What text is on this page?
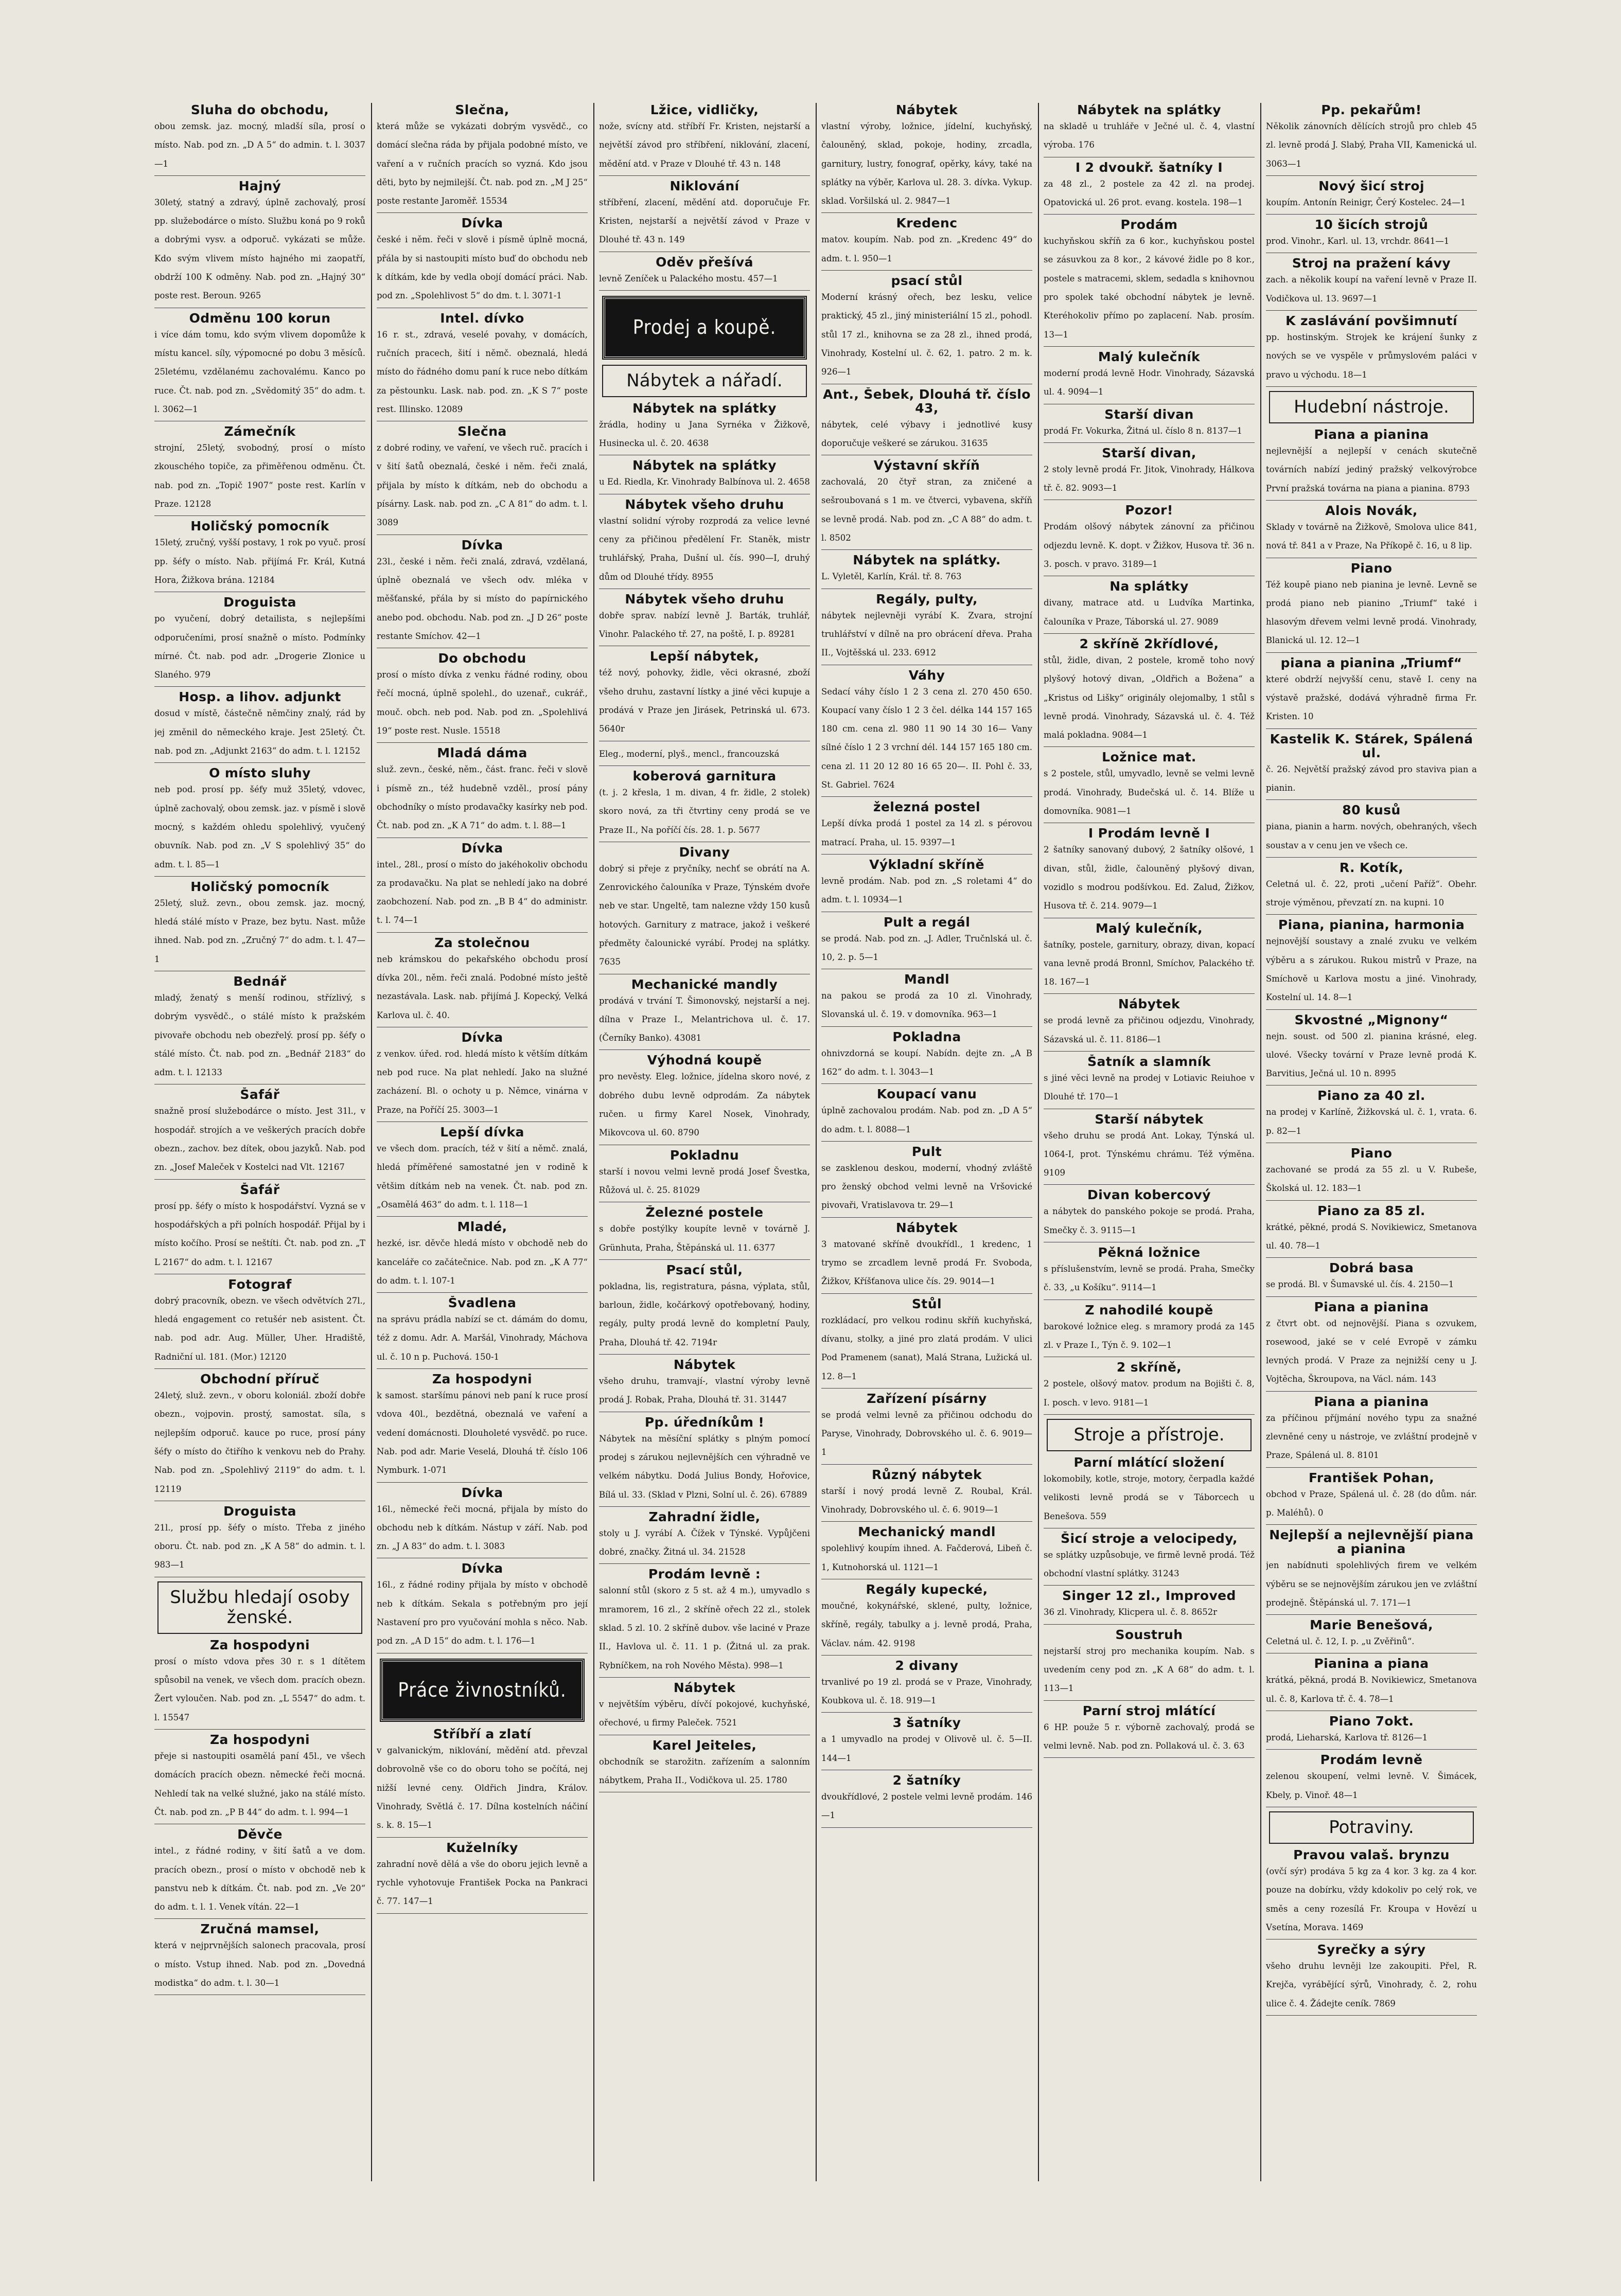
Sluha do obchodu,

obou zemsk. jaz. mocný, mladší síla, prosí o místo. Nab. pod zn. „D A 5“ do admin. t. l. 3037—1

Hajný

30letý, statný a zdravý, úplně zachovalý, prosí pp. služebodárce o místo. Službu koná po 9 roků a dobrými vysv. a odporuč. vykázati se může. Kdo svým vlivem místo hajného mi zaopatří, obdrží 100 K odměny. Nab. pod zn. „Hajný 30“ poste rest. Beroun. 9265

Odměnu 100 korun

i více dám tomu, kdo svým vlivem dopomůže k místu kancel. síly, výpomocné po dobu 3 měsíců. 25letému, vzdělanému zachovalému. Kanco po ruce. Čt. nab. pod zn. „Svědomitý 35“ do adm. t. l. 3062—1

Zámečník

strojní, 25letý, svobodný, prosí o místo zkouschého topiče, za přiměřenou odměnu. Čt. nab. pod zn. „Topič 1907“ poste rest. Karlín v Praze. 12128

Holičský pomocník

15letý, zručný, vyšší postavy, 1 rok po vyuč. prosí pp. šéfy o místo. Nab. přijímá Fr. Král, Kutná Hora, Žižkova brána. 12184

Droguista

po vyučení, dobrý detailista, s nejlepšími odporučeními, prosí snažně o místo. Podmínky mírné. Čt. nab. pod adr. „Drogerie Zlonice u Slaného. 979

Hosp. a lihov. adjunkt

dosud v místě, částečně němčiny znalý, rád by jej změnil do německého kraje. Jest 25letý. Čt. nab. pod zn. „Adjunkt 2163“ do adm. t. l. 12152

O místo sluhy

neb pod. prosí pp. šéfy muž 35letý, vdovec, úplně zachovalý, obou zemsk. jaz. v písmě i slově mocný, s každém ohledu spolehlivý, vyučený obuvník. Nab. pod zn. „V S spolehlivý 35“ do adm. t. l. 85—1

Holičský pomocník

25letý, služ. zevn., obou zemsk. jaz. mocný, hledá stálé místo v Praze, bez bytu. Nast. může ihned. Nab. pod zn. „Zručný 7“ do adm. t. l. 47—1

Bednář

mladý, ženatý s menší rodinou, střízlivý, s dobrým vysvědč., o stálé místo k pražském pivovaře obchodu neb obezřelý. prosí pp. šéfy o stálé místo. Čt. nab. pod zn. „Bednář 2183“ do adm. t. l. 12133

Šafář

snažně prosí služebodárce o místo. Jest 31l., v hospodář. strojích a ve veškerých pracích dobře obezn., zachov. bez dítek, obou jazyků. Nab. pod zn. „Josef Maleček v Kostelci nad Vlt. 12167

Šafář

prosí pp. šéfy o místo k hospodářství. Vyzná se v hospodářských a při polních hospodář. Přijal by i místo kočího. Prosí se neštíti. Čt. nab. pod zn. „T L 2167“ do adm. t. l. 12167

Fotograf

dobrý pracovník, obezn. ve všech odvětvích 27l., hledá engagement co retušér neb asistent. Čt. nab. pod adr. Aug. Müller, Uher. Hradiště, Radniční ul. 181. (Mor.) 12120

Obchodní příruč

24letý, služ. zevn., v oboru koloniál. zboží dobře obezn., vojpovin. prostý, samostat. síla, s nejlepším odporuč. kauce po ruce, prosí pány šéfy o místo do čtiřího k venkovu neb do Prahy. Nab. pod zn. „Spolehlivý 2119“ do adm. t. l. 12119

Droguista

21l., prosí pp. šéfy o místo. Třeba z jiného oboru. Čt. nab. pod zn. „K A 58“ do admin. t. l. 983—1

Službu hledají osoby ženské.
Za hospodyni

prosí o místo vdova přes 30 r. s 1 dítětem spůsobil na venek, ve všech dom. pracích obezn. Žert vyloučen. Nab. pod zn. „L 5547“ do adm. t. l. 15547

Za hospodyni

přeje si nastoupiti osamělá paní 45l., ve všech domácích pracích obezn. německé řeči mocná. Nehledí tak na velké služné, jako na stálé místo. Čt. nab. pod zn. „P B 44“ do adm. t. l. 994—1

Děvče

intel., z řádné rodiny, v šití šatů a ve dom. pracích obezn., prosí o místo v obchodě neb k panstvu neb k dítkám. Čt. nab. pod zn. „Ve 20“ do adm. t. l. 1. Venek vítán. 22—1

Zručná mamsel,

která v nejprvnějších salonech pracovala, prosí o místo. Vstup ihned. Nab. pod zn. „Dovedná modistka“ do adm. t. l. 30—1

Slečna,

která může se vykázati dobrým vysvědč., co domácí slečna ráda by přijala podobné místo, ve vaření a v ručních pracích so vyzná. Kdo jsou děti, byto by nejmilejší. Čt. nab. pod zn. „M J 25“ poste restante Jaroměř. 15534

Dívka

české i něm. řeči v slově i písmě úplně mocná, přála by si nastoupiti místo buď do obchodu neb k dítkám, kde by vedla obojí domácí práci. Nab. pod zn. „Spolehlivost 5“ do dm. t. l. 3071-1

Intel. dívko

16 r. st., zdravá, veselé povahy, v domácích, ručních pracech, šití i němč. obeznalá, hledá místo do řádného domu paní k ruce nebo dítkám za pěstounku. Lask. nab. pod. zn. „K S 7“ poste rest. Illinsko. 12089

Slečna

z dobré rodiny, ve vaření, ve všech ruč. pracích i v šití šatů obeznalá, české i něm. řeči znalá, přijala by místo k dítkám, neb do obchodu a písárny. Lask. nab. pod zn. „C A 81“ do adm. t. l. 3089

Dívka

23l., české i něm. řeči znalá, zdravá, vzdělaná, úplně obeznalá ve všech odv. mléka v měšťanské, přála by si místo do papírnického anebo pod. obchodu. Nab. pod zn. „J D 26“ poste restante Smíchov. 42—1

Do obchodu

prosí o místo dívka z venku řádné rodiny, obou řečí mocná, úplně spolehl., do uzenař., cukrář., mouč. obch. neb pod. Nab. pod zn. „Spolehlivá 19“ poste rest. Nusle. 15518

Mladá dáma

služ. zevn., české, něm., část. franc. řeči v slově i písmě zn., též hudebně vzděl., prosí pány obchodníky o místo prodavačky kasírky neb pod. Čt. nab. pod zn. „K A 71“ do adm. t. l. 88—1

Dívka

intel., 28l., prosí o místo do jakéhokoliv obchodu za prodavačku. Na plat se nehledí jako na dobré zaobchození. Nab. pod zn. „B B 4“ do administr. t. l. 74—1

Za stolečnou

neb krámskou do pekařského obchodu prosí dívka 20l., něm. řeči znalá. Podobné místo ještě nezastávala. Lask. nab. přijímá J. Kopecký, Velká Karlova ul. č. 40.

Dívka

z venkov. úřed. rod. hledá místo k větším dítkám neb pod ruce. Na plat nehledí. Jako na služné zacházení. Bl. o ochoty u p. Němce, vinárna v Praze, na Poříčí 25. 3003—1

Lepší dívka

ve všech dom. pracích, též v šití a němč. znalá, hledá příměřené samostatné jen v rodině k většim dítkám neb na venek. Čt. nab. pod zn. „Osamělá 463“ do adm. t. l. 118—1

Mladé,

hezké, isr. děvče hledá místo v obchodě neb do kanceláře co začátečnice. Nab. pod zn. „K A 77“ do adm. t. l. 107-1

Švadlena

na správu prádla nabízí se ct. dámám do domu, též z domu. Adr. A. Maršál, Vinohrady, Máchova ul. č. 10 n p. Puchová. 150-1

Za hospodyni

k samost. staršímu pánovi neb paní k ruce prosí vdova 40l., bezdětná, obeznalá ve vaření a vedení domácnosti. Dlouholeté vysvědč. po ruce. Nab. pod adr. Marie Veselá, Dlouhá tř. číslo 106 Nymburk. 1-071

Dívka

16l., německé řeči mocná, přijala by místo do obchodu neb k dítkám. Nástup v září. Nab. pod zn. „J A 83“ do adm. t. l. 3083

Dívka

16l., z řádné rodiny přijala by místo v obchodě neb k dítkám. Sekala s potřebným pro její Nastavení pro pro vyučování mohla s něco. Nab. pod zn. „A D 15“ do adm. t. l. 176—1

Práce živnostníků.
Stříbří a zlatí

v galvanickým, niklování, mědění atd. převzal dobrovolně vše co do oboru toho se počítá, nej nižší levné ceny. Oldřich Jindra, Králov. Vinohrady, Světlá č. 17. Dílna kostelních náčiní s. k. 8. 15—1

Kuželníky

zahradní nově dělá a vše do oboru jejich levně a rychle vyhotovuje František Pocka na Pankraci č. 77. 147—1

Lžice, vidličky,

nože, svícny atd. stříbří Fr. Kristen, nejstarší a největší závod pro stříbření, niklování, zlacení, mědění atd. v Praze v Dlouhé tř. 43 n. 148

Niklování

stříbření, zlacení, mědění atd. doporučuje Fr. Kristen, nejstarší a největší závod v Praze v Dlouhé tř. 43 n. 149

Oděv přešívá

levně Zeníček u Palackého mostu. 457—1

Prodej a koupě.
Nábytek a nářadí.
Nábytek na splátky

žrádla, hodiny u Jana Syrnéka v Žižkově, Husinecka ul. č. 20. 4638

Nábytek na splátky

u Ed. Riedla, Kr. Vinohrady Balbínova ul. 2. 4658

Nábytek všeho druhu

vlastní solidní výroby rozprodá za velice levné ceny za přičinou předělení Fr. Staněk, mistr truhlářský, Praha, Dušní ul. čís. 990—I, druhý dům od Dlouhé třídy. 8955

Nábytek všeho druhu

dobře sprav. nabízí levně J. Barták, truhlář, Vinohr. Palackého tř. 27, na poště, I. p. 89281

Lepší nábytek,

též nový, pohovky, židle, věci okrasné, zboží všeho druhu, zastavní lístky a jiné věci kupuje a prodává v Praze jen Jirásek, Petrinská ul. 673. 5640r

Eleg., moderní, plyš., mencl., francouzská

koberová garnitura

(t. j. 2 křesla, 1 m. divan, 4 fr. židle, 2 stolek) skoro nová, za tři čtvrtiny ceny prodá se ve Praze II., Na poříčí čís. 28. 1. p. 5677

Divany

dobrý si přeje z pryčníky, nechť se obrátí na A. Zenrovického čalouníka v Praze, Týnském dvoře neb ve star. Ungeltě, tam nalezne vždy 150 kusů hotových. Garnitury z matrace, jakož i veškeré předměty čalounické vyrábí. Prodej na splátky. 7635

Mechanické mandly

prodává v trvání T. Šimonovský, nejstarší a nej. dílna v Praze I., Melantrichova ul. č. 17. (Černíky Banko). 43081

Výhodná koupě

pro nevěsty. Eleg. ložnice, jídelna skoro nové, z dobrého dubu levně odprodám. Za nábytek ručen. u firmy Karel Nosek, Vinohrady, Mikovcova ul. 60. 8790

Pokladnu

starší i novou velmi levně prodá Josef Švestka, Růžová ul. č. 25. 81029

Železné postele

s dobře postýlky koupíte levně v továrně J. Grünhuta, Praha, Štěpánská ul. 11. 6377

Psací stůl,

pokladna, lis, registratura, pásna, výplata, stůl, barloun, židle, kočárkový opotřebovaný, hodiny, regály, pulty prodá levně do kompletní Pauly, Praha, Dlouhá tř. 42. 7194r

Nábytek

všeho druhu, tramvají-, vlastní výroby levně prodá J. Robak, Praha, Dlouhá tř. 31. 31447

Pp. úředníkům !

Nábytek na měsíční splátky s plným pomocí prodej s zárukou nejlevnějších cen výhradně ve velkém nábytku. Dodá Julius Bondy, Hořovice, Bílá ul. 33. (Sklad v Plzni, Solní ul. č. 26). 67889

Zahradní židle,

stoly u J. vyrábí A. Čížek v Týnské. Vypůjčeni dobré, značky. Žitná ul. 34. 21528

Prodám levně :

salonní stůl (skoro z 5 st. až 4 m.), umyvadlo s mramorem, 16 zl., 2 skříně ořech 22 zl., stolek sklad. 5 zl. 10. 2 skříně dubov. vše laciné v Praze II., Havlova ul. č. 11. 1 p. (Žitná ul. za prak. Rybníčkem, na roh Nového Města). 998—1

Nábytek

v největším výběru, dívčí pokojové, kuchyňské, ořechové, u firmy Paleček. 7521

Karel Jeiteles,

obchodník se starožitn. zařízením a salonním nábytkem, Praha II., Vodičkova ul. 25. 1780

Nábytek

vlastní výroby, ložnice, jídelní, kuchyňský, čalouněný, sklad, pokoje, hodiny, zrcadla, garnitury, lustry, fonograf, opěrky, kávy, také na splátky na výběr, Karlova ul. 28. 3. dívka. Vykup. sklad. Voršilská ul. 2. 9847—1

Kredenc

matov. koupím. Nab. pod zn. „Kredenc 49“ do adm. t. l. 950—1

psací stůl

Moderní krásný ořech, bez lesku, velice praktický, 45 zl., jiný ministeriální 15 zl., pohodl. stůl 17 zl., knihovna se za 28 zl., ihned prodá, Vinohrady, Kostelní ul. č. 62, 1. patro. 2 m. k. 926—1

Ant., Šebek, Dlouhá tř. číslo 43,

nábytek, celé výbavy i jednotlivé kusy doporučuje veškeré se zárukou. 31635

Výstavní skříň

zachovalá, 20 čtyř stran, za zničené a sešroubovaná s 1 m. ve čtverci, vybavena, skříň se levně prodá. Nab. pod zn. „C A 88“ do adm. t. l. 8502

Nábytek na splátky.

L. Vyletěl, Karlín, Král. tř. 8. 763

Regály, pulty,

nábytek nejlevněji vyrábí K. Zvara, strojní truhlářství v dílně na pro obrácení dřeva. Praha II., Vojtěšská ul. 233. 6912

Váhy

Sedací váhy číslo 1 2 3 cena zl. 270 450 650. Koupací vany číslo 1 2 3 čel. délka 144 157 165 180 cm. cena zl. 980 11 90 14 30 16— Vany sílné číslo 1 2 3 vrchní dél. 144 157 165 180 cm. cena zl. 11 20 12 80 16 65 20—. II. Pohl č. 33, St. Gabriel. 7624

železná postel

Lepší dívka prodá 1 postel za 14 zl. s pérovou matrací. Praha, ul. 15. 9397—1

Výkladní skříně

levně prodám. Nab. pod zn. „S roletami 4“ do adm. t. l. 10934—1

Pult a regál

se prodá. Nab. pod zn. „J. Adler, Tručnlská ul. č. 10, 2. p. 5—1

Mandl

na pakou se prodá za 10 zl. Vinohrady, Slovanská ul. č. 19. v domovníka. 963—1

Pokladna

ohnivzdorná se koupí. Nabídn. dejte zn. „A B 162“ do adm. t. l. 3043—1

Koupací vanu

úplně zachovalou prodám. Nab. pod zn. „D A 5“ do adm. t. l. 8088—1

Pult

se zasklenou deskou, moderní, vhodný zvláště pro ženský obchod velmi levně na Vršovické pivovaři, Vratislavova tr. 29—1

Nábytek

3 matované skříně dvoukřídl., 1 kredenc, 1 trymo se zrcadlem levně prodá Fr. Svoboda, Žižkov, Kříšťanova ulice čís. 29. 9014—1

Stůl

rozkládací, pro velkou rodinu skříň kuchyňská, dívanu, stolky, a jiné pro zlatá prodám. V ulici Pod Pramenem (sanat), Malá Strana, Lužická ul. 12. 8—1

Zařízení písárny

se prodá velmi levně za přičinou odchodu do Paryse, Vinohrady, Dobrovského ul. č. 6. 9019—1

Různý nábytek

starší i nový prodá levně Z. Roubal, Král. Vinohrady, Dobrovského ul. č. 6. 9019—1

Mechanický mandl

spolehlivý koupím ihned. A. Fačderová, Libeň č. 1, Kutnohorská ul. 1121—1

Regály kupecké,

moučné, kokynářské, sklené, pulty, ložnice, skříně, regály, tabulky a j. levně prodá, Praha, Václav. nám. 42. 9198

2 divany

trvanlivé po 19 zl. prodá se v Praze, Vinohrady, Koubkova ul. č. 18. 919—1

3 šatníky

a 1 umyvadlo na prodej v Olivově ul. č. 5—II. 144—1

2 šatníky

dvoukřídlové, 2 postele velmi levně prodám. 146—1

Nábytek na splátky

na skladě u truhláře v Ječné ul. č. 4, vlastní výroba. 176

I 2 dvoukř. šatníky I

za 48 zl., 2 postele za 42 zl. na prodej. Opatovická ul. 26 prot. evang. kostela. 198—1

Prodám

kuchyňskou skříň za 6 kor., kuchyňskou postel se zásuvkou za 8 kor., 2 kávové židle po 8 kor., postele s matracemi, sklem, sedadla s knihovnou pro spolek také obchodní nábytek je levně. Kteréhokoliv přímo po zaplacení. Nab. prosím. 13—1

Malý kulečník

moderní prodá levně Hodr. Vinohrady, Sázavská ul. 4. 9094—1

Starší divan

prodá Fr. Vokurka, Žitná ul. číslo 8 n. 8137—1

Starší divan,

2 stoly levně prodá Fr. Jitok, Vinohrady, Hálkova tř. č. 82. 9093—1

Pozor!

Prodám olšový nábytek zánovní za přičinou odjezdu levně. K. dopt. v Žižkov, Husova tř. 36 n. 3. posch. v pravo. 3189—1

Na splátky

divany, matrace atd. u Ludvíka Martinka, čalouníka v Praze, Táborská ul. 27. 9089

2 skříně 2křídlové,

stůl, židle, divan, 2 postele, kromě toho nový plyšový hotový divan, „Oldřich a Božena“ a „Kristus od Lišky“ originály olejomalby, 1 stůl s levně prodá. Vinohrady, Sázavská ul. č. 4. Též malá pokladna. 9084—1

Ložnice mat.

s 2 postele, stůl, umyvadlo, levně se velmi levně prodá. Vinohrady, Budečská ul. č. 14. Blíže u domovníka. 9081—1

I Prodám levně I

2 šatníky sanovaný dubový, 2 šatníky olšové, 1 divan, stůl, židle, čalouněný plyšový divan, vozidlo s modrou podšívkou. Ed. Zalud, Žižkov, Husova tř. č. 214. 9079—1

Malý kulečník,

šatníky, postele, garnitury, obrazy, divan, kopací vana levně prodá Bronnl, Smíchov, Palackého tř. 18. 167—1

Nábytek

se prodá levně za přičinou odjezdu, Vinohrady, Sázavská ul. č. 11. 8186—1

Šatník a slamník

s jiné věci levně na prodej v Lotiavic Reiuhoe v Dlouhé tř. 170—1

Starší nábytek

všeho druhu se prodá Ant. Lokay, Týnská ul. 1064-I, prot. Týnskému chrámu. Též výměna. 9109

Divan kobercový

a nábytek do panského pokoje se prodá. Praha, Smečky č. 3. 9115—1

Pěkná ložnice

s příslušenstvím, levně se prodá. Praha, Smečky č. 33, „u Košíku“. 9114—1

Z nahodilé koupě

barokové ložnice eleg. s mramory prodá za 145 zl. v Praze I., Týn č. 9. 102—1

2 skříně,

2 postele, olšový matov. produm na Bojišti č. 8, I. posch. v levo. 9181—1

Stroje a přístroje.
Parní mlátící složení

lokomobily, kotle, stroje, motory, čerpadla každé velikosti levně prodá se v Táborcech u Benešova. 559

Šicí stroje a velocipedy,

se splátky uzpůsobuje, ve firmě levně prodá. Též obchodní vlastní splátky. 31243

Singer 12 zl., Improved

36 zl. Vinohrady, Klicpera ul. č. 8. 8652r

Soustruh

nejstarší stroj pro mechanika koupím. Nab. s uvedením ceny pod zn. „K A 68“ do adm. t. l. 113—1

Parní stroj mlátící

6 HP. použe 5 r. výborně zachovalý, prodá se velmi levně. Nab. pod zn. Pollaková ul. č. 3. 63

Pp. pekařům!

Několik zánovních dělících strojů pro chleb 45 zl. levně prodá J. Slabý, Praha VII, Kamenická ul. 3063—1

Nový šicí stroj

koupím. Antonín Reinigr, Čerý Kostelec. 24—1

10 šicích strojů

prod. Vinohr., Karl. ul. 13, vrchdr. 8641—1

Stroj na pražení kávy

zach. a několik koupí na vaření levně v Praze II. Vodičkova ul. 13. 9697—1

K zaslávání povšimnutí

pp. hostinským. Strojek ke krájení šunky z nových se ve vyspěle v průmyslovém paláci v pravo u východu. 18—1

Hudební nástroje.
Piana a pianina

nejlevnější a nejlepší v cenách skutečně továrních nabízí jediný pražský velkovýrobce První pražská továrna na piana a pianina. 8793

Alois Novák,

Sklady v továrně na Žižkově, Smolova ulice 841, nová tř. 841 a v Praze, Na Příkopě č. 16, u 8 lip.

Piano

Též koupě piano neb pianina je levně. Levně se prodá piano neb pianino „Triumf“ také i hlasovým dřevem velmi levně prodá. Vinohrady, Blanická ul. 12. 12—1

piana a pianina „Triumf“

které obdrží nejvyšší cenu, stavě I. ceny na výstavě pražské, dodává výhradně firma Fr. Kristen. 10

Kastelik K. Stárek, Spálená ul.

č. 26. Největší pražský závod pro staviva pian a pianin.

80 kusů

piana, pianin a harm. nových, obehraných, všech soustav a v cenu jen ve všech ce.

R. Kotík,

Celetná ul. č. 22, proti „učení Paříž“. Obehr. stroje výměnou, převzatí zn. na kupni. 10

Piana, pianina, harmonia

nejnovější soustavy a znalé zvuku ve velkém výběru a s zárukou. Rukou mistrů v Praze, na Smíchově u Karlova mostu a jiné. Vinohrady, Kostelní ul. 14. 8—1

Skvostné „Mignony“

nejn. soust. od 500 zl. pianina krásné, eleg. ulové. Všecky tovární v Praze levně prodá K. Barvitius, Ječná ul. 10 n. 8995

Piano za 40 zl.

na prodej v Karlíně, Žižkovská ul. č. 1, vrata. 6. p. 82—1

Piano

zachované se prodá za 55 zl. u V. Rubeše, Školská ul. 12. 183—1

Piano za 85 zl.

krátké, pěkné, prodá S. Novikiewicz, Smetanova ul. 40. 78—1

Dobrá basa

se prodá. Bl. v Šumavské ul. čís. 4. 2150—1

Piana a pianina

z čtvrt obt. od nejnovější. Piana s ozvukem, rosewood, jaké se v celé Evropě v zámku levných prodá. V Praze za nejnižší ceny u J. Vojtěcha, Škroupova, na Václ. nám. 143

Piana a pianina

za příčinou příjmání nového typu za snažné zlevněné ceny u nástroje, ve zvláštní prodejně v Praze, Spálená ul. 8. 8101

František Pohan,

obchod v Praze, Spálená ul. č. 28 (do dům. nár. p. Maléhů). 0

Nejlepší a nejlevnější piana a pianina

jen nabídnuti spolehlivých firem ve velkém výběru se se nejnovějším zárukou jen ve zvláštní prodejně. Štěpánská ul. 7. 171—1

Marie Benešová,

Celetná ul. č. 12, I. p. „u Zvěřinů“.

Pianina a piana

krátká, pěkná, prodá B. Novikiewicz, Smetanova ul. č. 8, Karlova tř. č. 4. 78—1

Piano 7okt.

prodá, Lieharská, Karlova tř. 8126—1

Prodám levně

zelenou skoupení, velmi levně. V. Šimácek, Kbely, p. Vinoř. 48—1

Potraviny.
Pravou valaš. brynzu

(ovčí sýr) prodáva 5 kg za 4 kor. 3 kg. za 4 kor. pouze na dobírku, vždy kdokoliv po celý rok, ve směs a ceny rozesílá Fr. Kroupa v Hovězí u Vsetína, Morava. 1469

Syrečky a sýry

všeho druhu levněji lze zakoupiti. Přel, R. Krejča, vyrábějící sýrů, Vinohrady, č. 2, rohu ulice č. 4. Žádejte ceník. 7869
